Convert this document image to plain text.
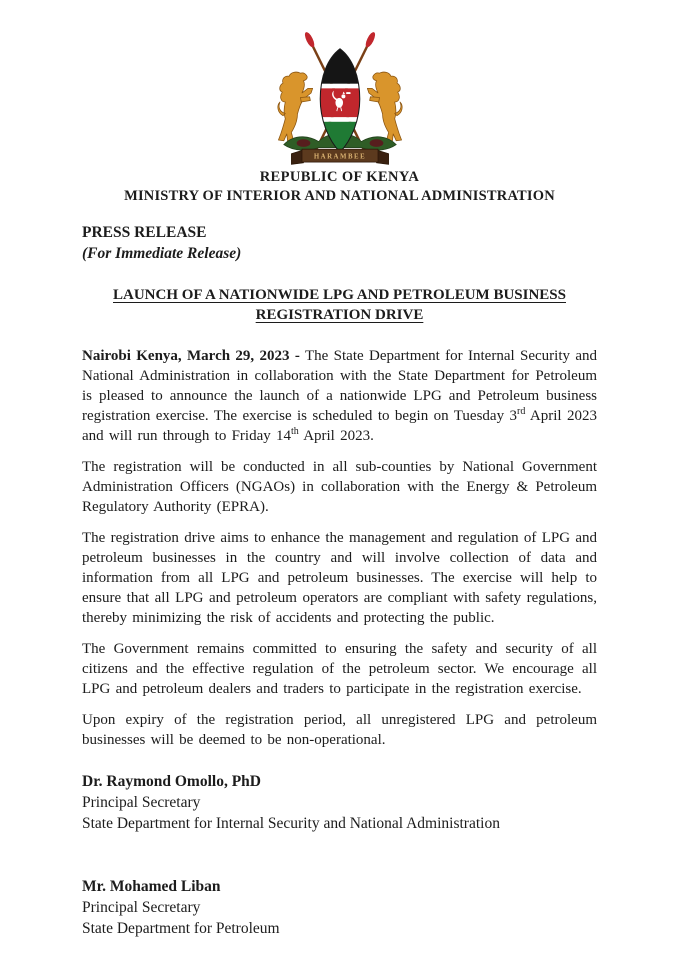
HARAMBEE
REPUBLIC OF KENYA
MINISTRY OF INTERIOR AND NATIONAL ADMINISTRATION
PRESS RELEASE
(For Immediate Release)
LAUNCH OF A NATIONWIDE LPG AND PETROLEUM BUSINESS
REGISTRATION DRIVE

Nairobi Kenya, March 29, 2023 - The State Department for Internal Security and National Administration in collaboration with the State Department for Petroleum is pleased to announce the launch of a nationwide LPG and Petroleum business registration exercise. The exercise is scheduled to begin on Tuesday 3rd April 2023 and will run through to Friday 14th April 2023.

The registration will be conducted in all sub-counties by National Government Administration Officers (NGAOs) in collaboration with the Energy & Petroleum Regulatory Authority (EPRA).

The registration drive aims to enhance the management and regulation of LPG and petroleum businesses in the country and will involve collection of data and information from all LPG and petroleum businesses. The exercise will help to ensure that all LPG and petroleum operators are compliant with safety regulations, thereby minimizing the risk of accidents and protecting the public.

The Government remains committed to ensuring the safety and security of all citizens and the effective regulation of the petroleum sector. We encourage all LPG and petroleum dealers and traders to participate in the registration exercise.

Upon expiry of the registration period, all unregistered LPG and petroleum businesses will be deemed to be non-operational.

Dr. Raymond Omollo, PhD
Principal Secretary
State Department for Internal Security and National Administration
Mr. Mohamed Liban
Principal Secretary
State Department for Petroleum
